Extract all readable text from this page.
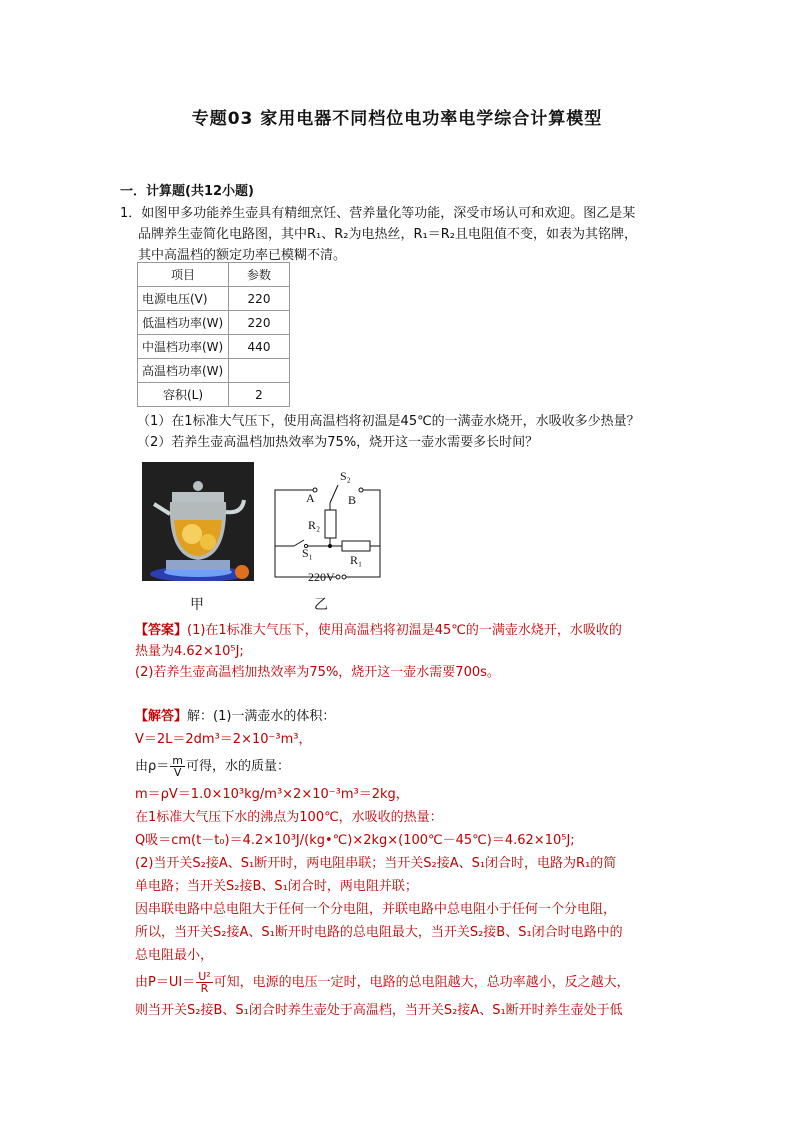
专题03 家用电器不同档位电功率电学综合计算模型
一．计算题(共12小题)
1．如图甲多功能养生壶具有精细烹饪、营养量化等功能，深受市场认可和欢迎。图乙是某
品牌养生壶简化电路图，其中R₁、R₂为电热丝，R₁＝R₂且电阻值不变，如表为其铭牌，
其中高温档的额定功率已模糊不清。
项目	参数
电源电压(V)	220
低温档功率(W)	220
中温档功率(W)	440
高温档功率(W)	
容积(L)	2
（1）在1标准大气压下，使用高温档将初温是45℃的一满壶水烧开，水吸收多少热量？
（2）若养生壶高温档加热效率为75%，烧开这一壶水需要多长时间？
S₂
A	B
R₂
S₁	R₁
220V
甲	乙
【答案】(1)在1标准大气压下，使用高温档将初温是45℃的一满壶水烧开，水吸收的
热量为4.62×10⁵J;
(2)若养生壶高温档加热效率为75%，烧开这一壶水需要700s。
【解答】解：(1)一满壶水的体积：
V＝2L＝2dm³＝2×10⁻³m³，
由$\rho= \frac{m}{V}$ 可得，水的质量：
m＝ρV＝1.0×10³kg/m³×2×10⁻³m³＝2kg，
在1标准大气压下水的沸点为100℃，水吸收的热量：
Q吸＝cm(t－t₀)＝4.2×10³J/(kg•℃)×2kg×(100℃－45℃)＝4.62×10⁵J;
(2)当开关S₂接A、S₁断开时，两电阻串联；当开关S₂接A、S₁闭合时，电路为R₁的简
单电路；当开关S₂接B、S₁闭合时，两电阻并联；
因串联电路中总电阻大于任何一个分电阻，并联电路中总电阻小于任何一个分电阻，
所以，当开关S₂接A、S₁断开时电路的总电阻最大，当开关S₂接B、S₁闭合时电路中的
总电阻最小，
由$P=UI= \frac{\text{U²}}{R}$ 可知，电源的电压一定时，电路的总电阻越大，总功率越小，反之越大，
则当开关S₂接B、S₁闭合时养生壶处于高温档，当开关S₂接A、S₁断开时养生壶处于低
